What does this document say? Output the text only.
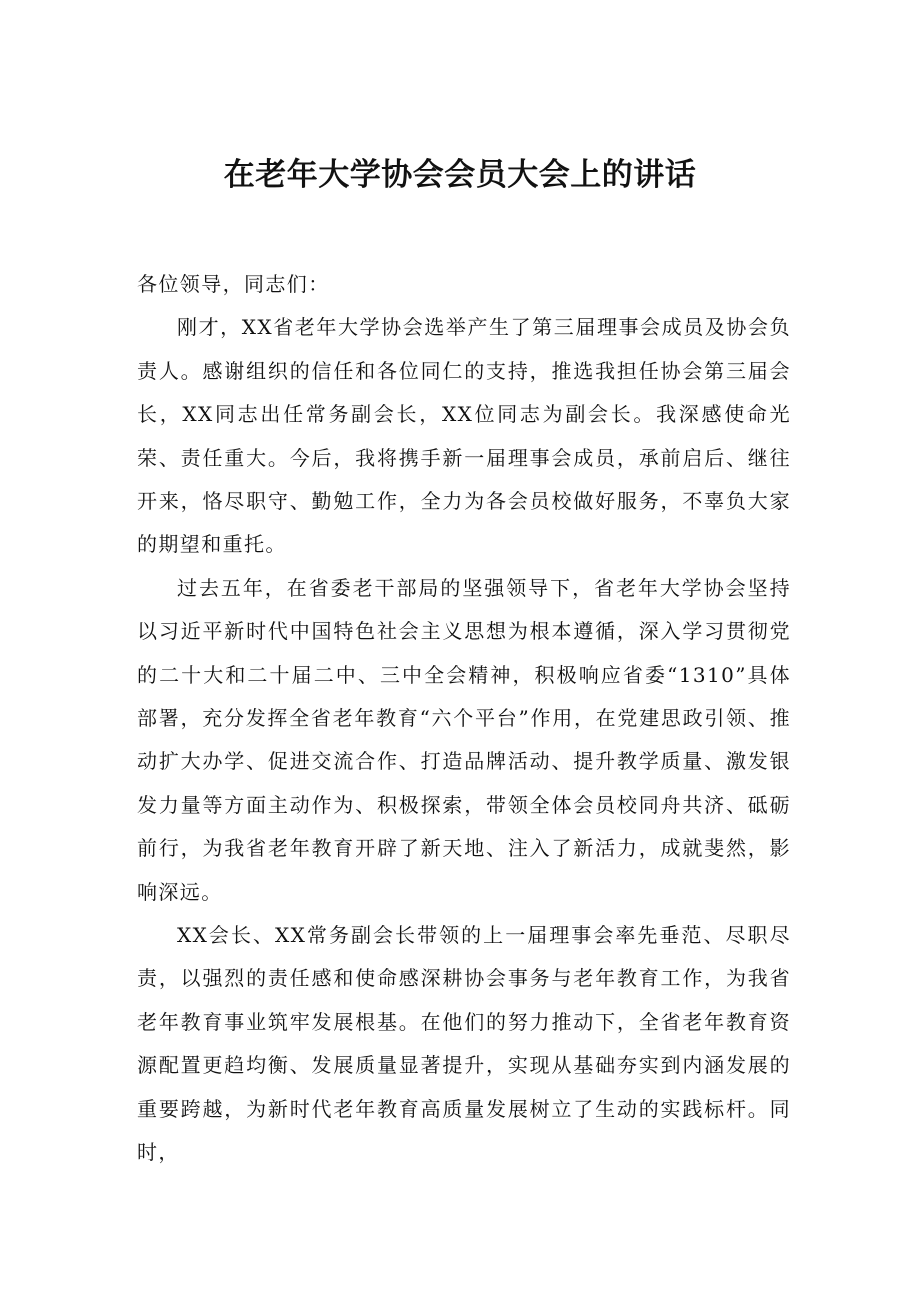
在老年大学协会会员大会上的讲话

各位领导，同志们：

刚才，XX省老年大学协会选举产生了第三届理事会成员及协会负责人。感谢组织的信任和各位同仁的支持，推选我担任协会第三届会长，XX同志出任常务副会长，XX位同志为副会长。我深感使命光荣、责任重大。今后，我将携手新一届理事会成员，承前启后、继往开来，恪尽职守、勤勉工作，全力为各会员校做好服务，不辜负大家的期望和重托。

过去五年，在省委老干部局的坚强领导下，省老年大学协会坚持以习近平新时代中国特色社会主义思想为根本遵循，深入学习贯彻党的二十大和二十届二中、三中全会精神，积极响应省委“1310”具体部署，充分发挥全省老年教育“六个平台”作用，在党建思政引领、推动扩大办学、促进交流合作、打造品牌活动、提升教学质量、激发银发力量等方面主动作为、积极探索，带领全体会员校同舟共济、砥砺前行，为我省老年教育开辟了新天地、注入了新活力，成就斐然，影响深远。

XX会长、XX常务副会长带领的上一届理事会率先垂范、尽职尽责，以强烈的责任感和使命感深耕协会事务与老年教育工作，为我省老年教育事业筑牢发展根基。在他们的努力推动下，全省老年教育资源配置更趋均衡、发展质量显著提升，实现从基础夯实到内涵发展的重要跨越，为新时代老年教育高质量发展树立了生动的实践标杆。同时，
